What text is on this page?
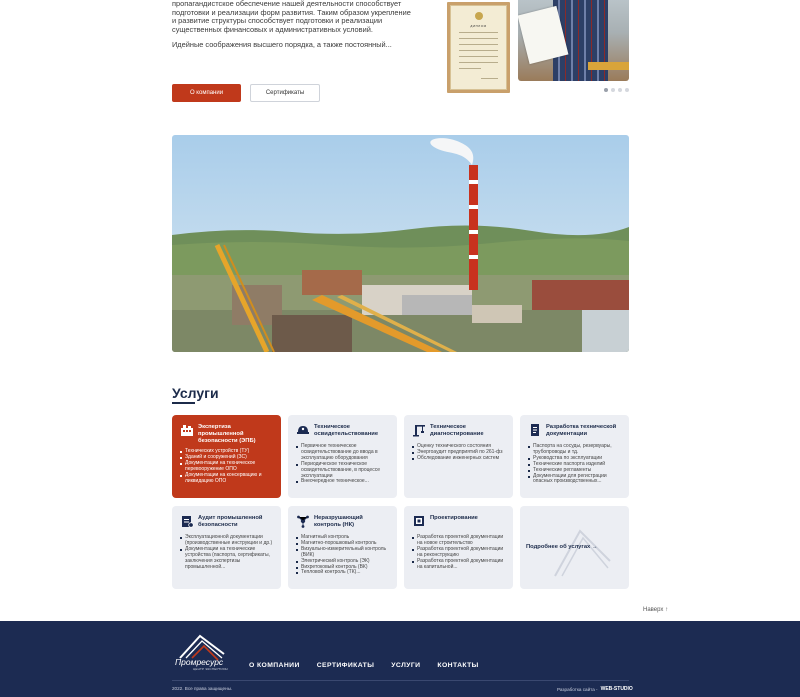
пропагандистское обеспечение нашей деятельности способствует подготовки и реализации форм развития. Таким образом укрепление и развитие структуры способствует подготовки и реализации существенных финансовых и административных условий.

Идейные соображения высшего порядка, а также постоянный...

О компании	Сертификаты
ДИПЛОМ
Услуги
Экспертиза промышленной безопасности (ЭПБ)
Технических устройств (ТУ)
Зданий и сооружений (ЗС)
Документации на техническое перевооружение ОПО
Документации на консервацию и ликвидацию ОПО
Техническое освидетельствование
Первичное техническое освидетельствование до ввода в эксплуатацию оборудования
Периодическое техническое освидетельствование, в процессе эксплуатации
Внеочередное техническое...
Техническое диагностирование
Оценку технического состояния
Энергоаудит предприятий по 261-фз
Обследование инженерных систем
Разработка технической документации
Паспорта на сосуды, резервуары, трубопроводы и тд.
Руководства по эксплуатации
Технические паспорта изделий
Технические регламенты
Документации для регистрации опасных производственных...
Аудит промышленной безопасности
Эксплуатационной документации (производственные инструкции и др.)
Документации на технические устройства (паспорта, сертификаты, заключения экспертизы промышленной...
Неразрушающий контроль (НК)
Магнитный контроль
Магнитно-порошковый контроль
Визуально-измерительный контроль (ВИК)
Электрический контроль (ЭК)
Вихретоковый контроль (ВК)
Тепловой контроль (ТК)...
Проектирование
Разработка проектной документации на новое строительство
Разработка проектной документации на реконструкцию
Разработка проектной документации на капитальной...
Подробнее об услугах →
Наверх ↑
Промресурс
ЦЕНТР ЭКСПЕРТИЗЫ	О КОМПАНИИ	СЕРТИФИКАТЫ	УСЛУГИ	КОНТАКТЫ
2022. Все права защищены.	Разработка сайта - WEB-STUDIO
